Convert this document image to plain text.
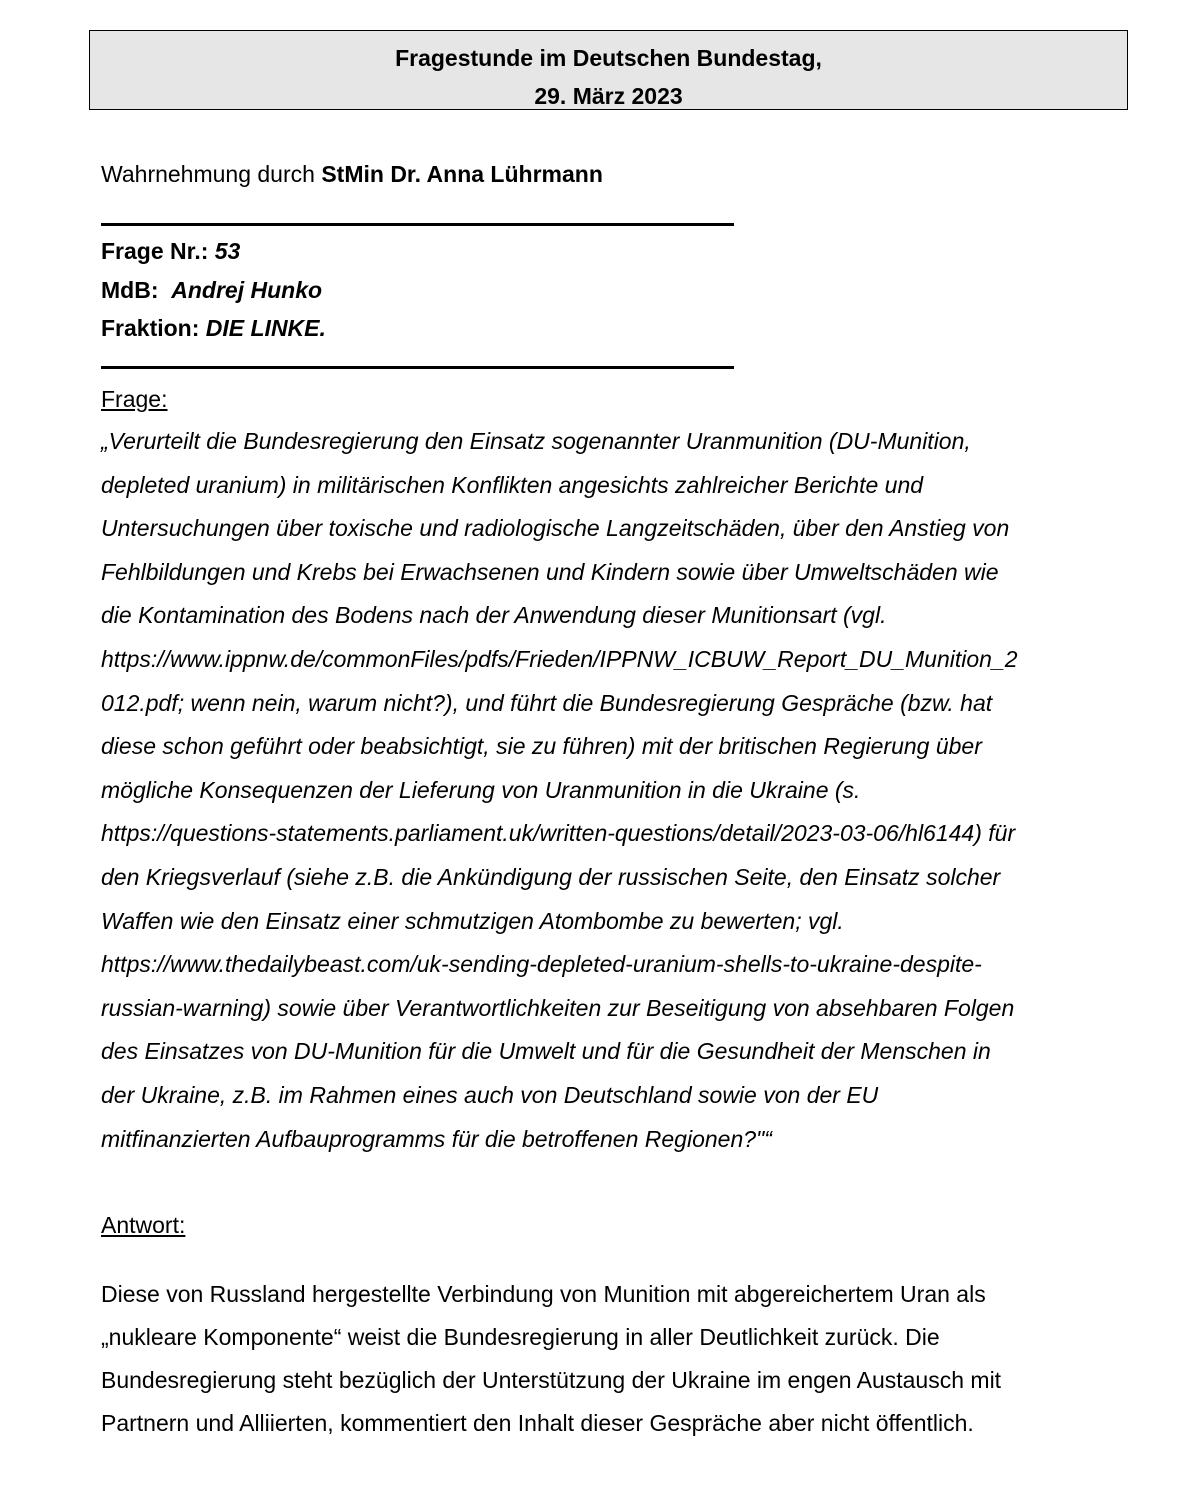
Fragestunde im Deutschen Bundestag,
29. März 2023
Wahrnehmung durch StMin Dr. Anna Lührmann
Frage Nr.: 53
MdB: Andrej Hunko
Fraktion: DIE LINKE.
Frage:
„Verurteilt die Bundesregierung den Einsatz sogenannter Uranmunition (DU-Munition,
depleted uranium) in militärischen Konflikten angesichts zahlreicher Berichte und
Untersuchungen über toxische und radiologische Langzeitschäden, über den Anstieg von
Fehlbildungen und Krebs bei Erwachsenen und Kindern sowie über Umweltschäden wie
die Kontamination des Bodens nach der Anwendung dieser Munitionsart (vgl.
https://www.ippnw.de/commonFiles/pdfs/Frieden/IPPNW_ICBUW_Report_DU_Munition_2
012.pdf; wenn nein, warum nicht?), und führt die Bundesregierung Gespräche (bzw. hat
diese schon geführt oder beabsichtigt, sie zu führen) mit der britischen Regierung über
mögliche Konsequenzen der Lieferung von Uranmunition in die Ukraine (s.
https://questions-statements.parliament.uk/written-questions/detail/2023-03-06/hl6144) für
den Kriegsverlauf (siehe z.B. die Ankündigung der russischen Seite, den Einsatz solcher
Waffen wie den Einsatz einer schmutzigen Atombombe zu bewerten; vgl.
https://www.thedailybeast.com/uk-sending-depleted-uranium-shells-to-ukraine-despite-
russian-warning) sowie über Verantwortlichkeiten zur Beseitigung von absehbaren Folgen
des Einsatzes von DU-Munition für die Umwelt und für die Gesundheit der Menschen in
der Ukraine, z.B. im Rahmen eines auch von Deutschland sowie von der EU
mitfinanzierten Aufbauprogramms für die betroffenen Regionen?"“
Antwort:
Diese von Russland hergestellte Verbindung von Munition mit abgereichertem Uran als
„nukleare Komponente“ weist die Bundesregierung in aller Deutlichkeit zurück. Die
Bundesregierung steht bezüglich der Unterstützung der Ukraine im engen Austausch mit
Partnern und Alliierten, kommentiert den Inhalt dieser Gespräche aber nicht öffentlich.
